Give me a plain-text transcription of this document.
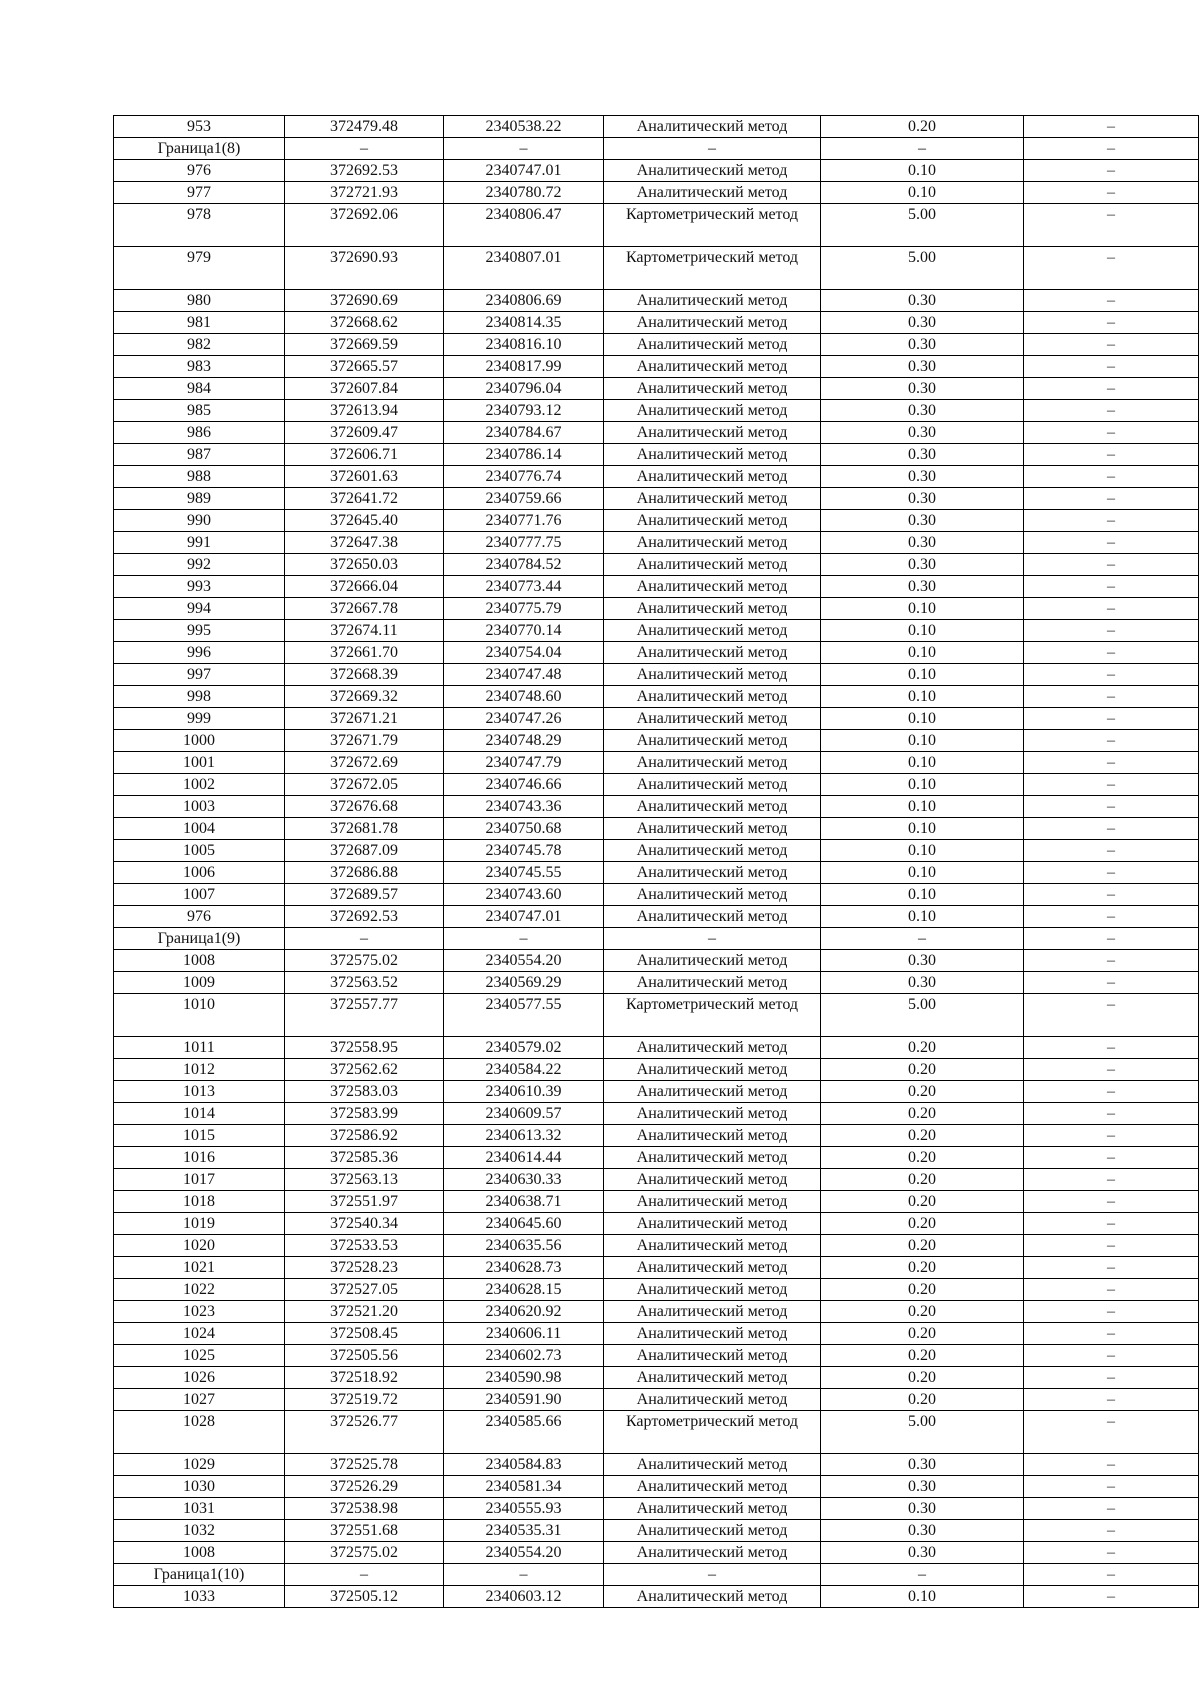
953	372479.48	2340538.22	Аналитический метод	0.20	–
Граница1(8)	–	–	–	–	–
976	372692.53	2340747.01	Аналитический метод	0.10	–
977	372721.93	2340780.72	Аналитический метод	0.10	–
978	372692.06	2340806.47	Картометрический метод	5.00	–
979	372690.93	2340807.01	Картометрический метод	5.00	–
980	372690.69	2340806.69	Аналитический метод	0.30	–
981	372668.62	2340814.35	Аналитический метод	0.30	–
982	372669.59	2340816.10	Аналитический метод	0.30	–
983	372665.57	2340817.99	Аналитический метод	0.30	–
984	372607.84	2340796.04	Аналитический метод	0.30	–
985	372613.94	2340793.12	Аналитический метод	0.30	–
986	372609.47	2340784.67	Аналитический метод	0.30	–
987	372606.71	2340786.14	Аналитический метод	0.30	–
988	372601.63	2340776.74	Аналитический метод	0.30	–
989	372641.72	2340759.66	Аналитический метод	0.30	–
990	372645.40	2340771.76	Аналитический метод	0.30	–
991	372647.38	2340777.75	Аналитический метод	0.30	–
992	372650.03	2340784.52	Аналитический метод	0.30	–
993	372666.04	2340773.44	Аналитический метод	0.30	–
994	372667.78	2340775.79	Аналитический метод	0.10	–
995	372674.11	2340770.14	Аналитический метод	0.10	–
996	372661.70	2340754.04	Аналитический метод	0.10	–
997	372668.39	2340747.48	Аналитический метод	0.10	–
998	372669.32	2340748.60	Аналитический метод	0.10	–
999	372671.21	2340747.26	Аналитический метод	0.10	–
1000	372671.79	2340748.29	Аналитический метод	0.10	–
1001	372672.69	2340747.79	Аналитический метод	0.10	–
1002	372672.05	2340746.66	Аналитический метод	0.10	–
1003	372676.68	2340743.36	Аналитический метод	0.10	–
1004	372681.78	2340750.68	Аналитический метод	0.10	–
1005	372687.09	2340745.78	Аналитический метод	0.10	–
1006	372686.88	2340745.55	Аналитический метод	0.10	–
1007	372689.57	2340743.60	Аналитический метод	0.10	–
976	372692.53	2340747.01	Аналитический метод	0.10	–
Граница1(9)	–	–	–	–	–
1008	372575.02	2340554.20	Аналитический метод	0.30	–
1009	372563.52	2340569.29	Аналитический метод	0.30	–
1010	372557.77	2340577.55	Картометрический метод	5.00	–
1011	372558.95	2340579.02	Аналитический метод	0.20	–
1012	372562.62	2340584.22	Аналитический метод	0.20	–
1013	372583.03	2340610.39	Аналитический метод	0.20	–
1014	372583.99	2340609.57	Аналитический метод	0.20	–
1015	372586.92	2340613.32	Аналитический метод	0.20	–
1016	372585.36	2340614.44	Аналитический метод	0.20	–
1017	372563.13	2340630.33	Аналитический метод	0.20	–
1018	372551.97	2340638.71	Аналитический метод	0.20	–
1019	372540.34	2340645.60	Аналитический метод	0.20	–
1020	372533.53	2340635.56	Аналитический метод	0.20	–
1021	372528.23	2340628.73	Аналитический метод	0.20	–
1022	372527.05	2340628.15	Аналитический метод	0.20	–
1023	372521.20	2340620.92	Аналитический метод	0.20	–
1024	372508.45	2340606.11	Аналитический метод	0.20	–
1025	372505.56	2340602.73	Аналитический метод	0.20	–
1026	372518.92	2340590.98	Аналитический метод	0.20	–
1027	372519.72	2340591.90	Аналитический метод	0.20	–
1028	372526.77	2340585.66	Картометрический метод	5.00	–
1029	372525.78	2340584.83	Аналитический метод	0.30	–
1030	372526.29	2340581.34	Аналитический метод	0.30	–
1031	372538.98	2340555.93	Аналитический метод	0.30	–
1032	372551.68	2340535.31	Аналитический метод	0.30	–
1008	372575.02	2340554.20	Аналитический метод	0.30	–
Граница1(10)	–	–	–	–	–
1033	372505.12	2340603.12	Аналитический метод	0.10	–
